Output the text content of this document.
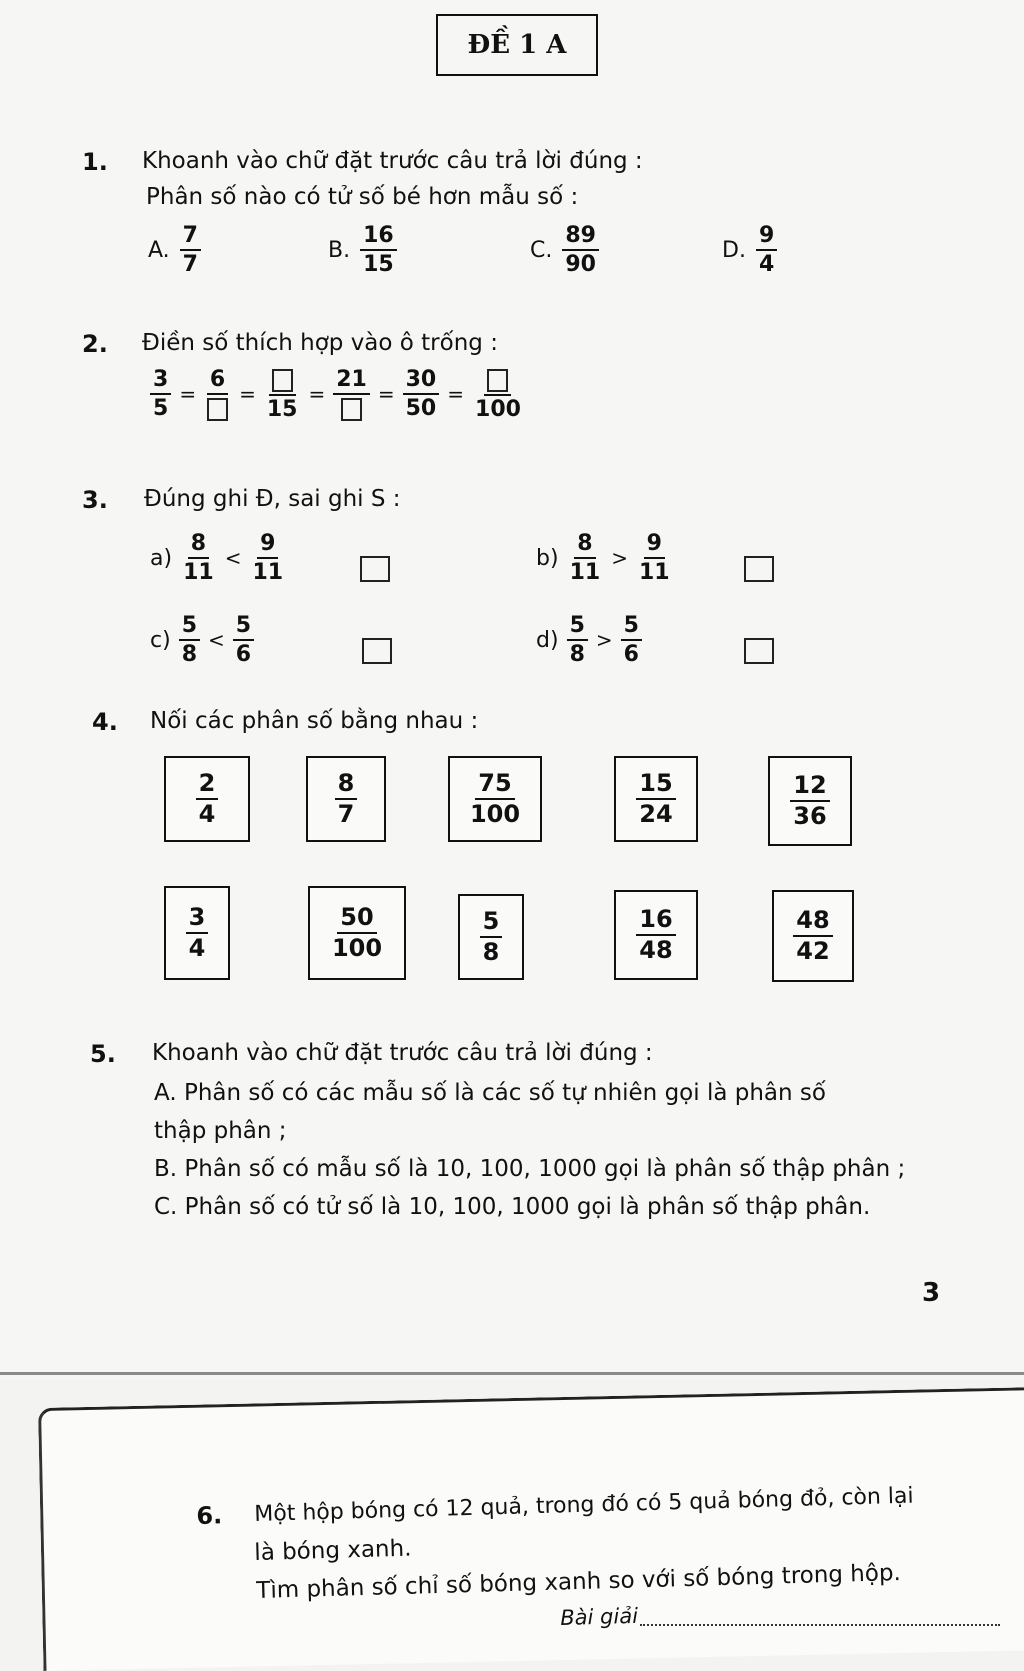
ĐỀ 1 A
1. Khoanh vào chữ đặt trước câu trả lời đúng :
Phân số nào có tử số bé hơn mẫu số :
A. $\frac{7}{7}$	B. $\frac{16}{15}$	C. $\frac{89}{90}$	D. $\frac{9}{4}$
2. Điền số thích hợp vào ô trống :
$\frac{3}{5}$ =
6
=
15
=
21
= $\frac{30}{50}$ =
100
3. Đúng ghi Đ, sai ghi S :
$a) \frac{8}{11} < \frac{9}{11}$	$b) \frac{8}{11} > \frac{9}{11}$
$c) \frac{5}{8} < \frac{5}{6}$	$d) \frac{5}{8} > \frac{5}{6}$
4. Nối các phân số bằng nhau :
$\frac{2}{4}$	$\frac{8}{7}$	$\frac{75}{100}$	$\frac{15}{24}$	$\frac{12}{36}$
$\frac{3}{4}$	$\frac{50}{100}$	$\frac{5}{8}$	$\frac{16}{48}$	$\frac{48}{42}$
5. Khoanh vào chữ đặt trước câu trả lời đúng :
A. Phân số có các mẫu số là các số tự nhiên gọi là phân số
thập phân ;
B. Phân số có mẫu số là 10, 100, 1000 gọi là phân số thập phân ;
C. Phân số có tử số là 10, 100, 1000 gọi là phân số thập phân.
3
6. Một hộp bóng có 12 quả, trong đó có 5 quả bóng đỏ, còn lại
là bóng xanh.
Tìm phân số chỉ số bóng xanh so với số bóng trong hộp.
Bài giải
